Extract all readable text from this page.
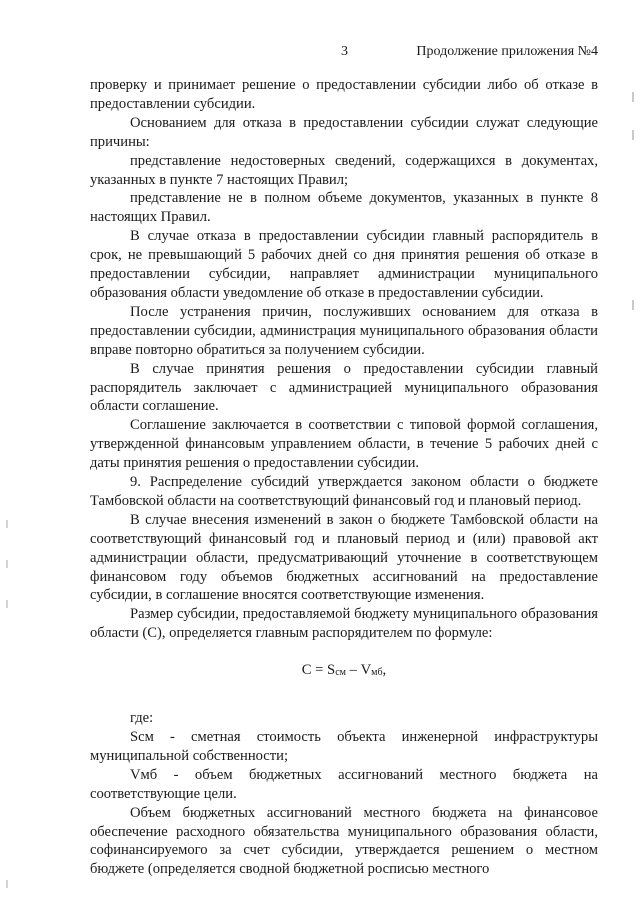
3	Продолжение приложения №4

проверку и принимает решение о предоставлении субсидии либо об отказе в предоставлении субсидии.

Основанием для отказа в предоставлении субсидии служат следующие причины:

представление недостоверных сведений, содержащихся в документах, указанных в пункте 7 настоящих Правил;

представление не в полном объеме документов, указанных в пункте 8 настоящих Правил.

В случае отказа в предоставлении субсидии главный распорядитель в срок, не превышающий 5 рабочих дней со дня принятия решения об отказе в предоставлении субсидии, направляет администрации муниципального образования области уведомление об отказе в предоставлении субсидии.

После устранения причин, послуживших основанием для отказа в предоставлении субсидии, администрация муниципального образования области вправе повторно обратиться за получением субсидии.

В случае принятия решения о предоставлении субсидии главный распорядитель заключает с администрацией муниципального образования области соглашение.

Соглашение заключается в соответствии с типовой формой соглашения, утвержденной финансовым управлением области, в течение 5 рабочих дней с даты принятия решения о предоставлении субсидии.

9. Распределение субсидий утверждается законом области о бюджете Тамбовской области на соответствующий финансовый год и плановый период.

В случае внесения изменений в закон о бюджете Тамбовской области на соответствующий финансовый год и плановый период и (или) правовой акт администрации области, предусматривающий уточнение в соответствующем финансовом году объемов бюджетных ассигнований на предоставление субсидии, в соглашение вносятся соответствующие изменения.

Размер субсидии, предоставляемой бюджету муниципального образования области (С), определяется главным распорядителем по формуле:

$С = S_{см} - V_{мб}$,

где:

Sсм - сметная стоимость объекта инженерной инфраструктуры муниципальной собственности;

Vмб - объем бюджетных ассигнований местного бюджета на соответствующие цели.

Объем бюджетных ассигнований местного бюджета на финансовое обеспечение расходного обязательства муниципального образования области, софинансируемого за счет субсидии, утверждается решением о местном бюджете (определяется сводной бюджетной росписью местного
